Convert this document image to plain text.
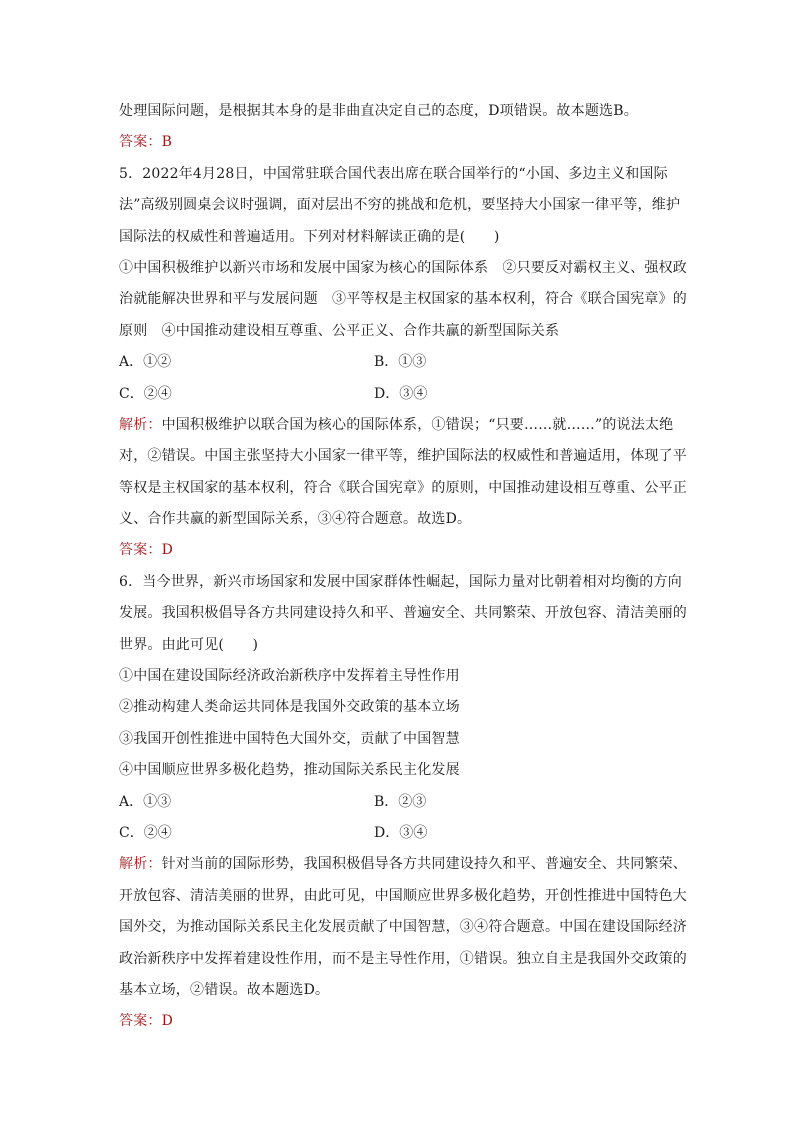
处理国际问题，是根据其本身的是非曲直决定自己的态度，D项错误。故本题选B。
答案：B
5．2022年4月28日，中国常驻联合国代表出席在联合国举行的“小国、多边主义和国际
法”高级别圆桌会议时强调，面对层出不穷的挑战和危机，要坚持大小国家一律平等，维护
国际法的权威性和普遍适用。下列对材料解读正确的是(　　)
①中国积极维护以新兴市场和发展中国家为核心的国际体系　②只要反对霸权主义、强权政
治就能解决世界和平与发展问题　③平等权是主权国家的基本权利，符合《联合国宪章》的
原则　④中国推动建设相互尊重、公平正义、合作共赢的新型国际关系
A．①②	B．①③
C．②④	D．③④
解析：中国积极维护以联合国为核心的国际体系，①错误；“只要……就……”的说法太绝
对，②错误。中国主张坚持大小国家一律平等，维护国际法的权威性和普遍适用，体现了平
等权是主权国家的基本权利，符合《联合国宪章》的原则，中国推动建设相互尊重、公平正
义、合作共赢的新型国际关系，③④符合题意。故选D。
答案：D
6．当今世界，新兴市场国家和发展中国家群体性崛起，国际力量对比朝着相对均衡的方向
发展。我国积极倡导各方共同建设持久和平、普遍安全、共同繁荣、开放包容、清洁美丽的
世界。由此可见(　　)
①中国在建设国际经济政治新秩序中发挥着主导性作用
②推动构建人类命运共同体是我国外交政策的基本立场
③我国开创性推进中国特色大国外交，贡献了中国智慧
④中国顺应世界多极化趋势，推动国际关系民主化发展
A．①③	B．②③
C．②④	D．③④
解析：针对当前的国际形势，我国积极倡导各方共同建设持久和平、普遍安全、共同繁荣、
开放包容、清洁美丽的世界，由此可见，中国顺应世界多极化趋势，开创性推进中国特色大
国外交，为推动国际关系民主化发展贡献了中国智慧，③④符合题意。中国在建设国际经济
政治新秩序中发挥着建设性作用，而不是主导性作用，①错误。独立自主是我国外交政策的
基本立场，②错误。故本题选D。
答案：D
